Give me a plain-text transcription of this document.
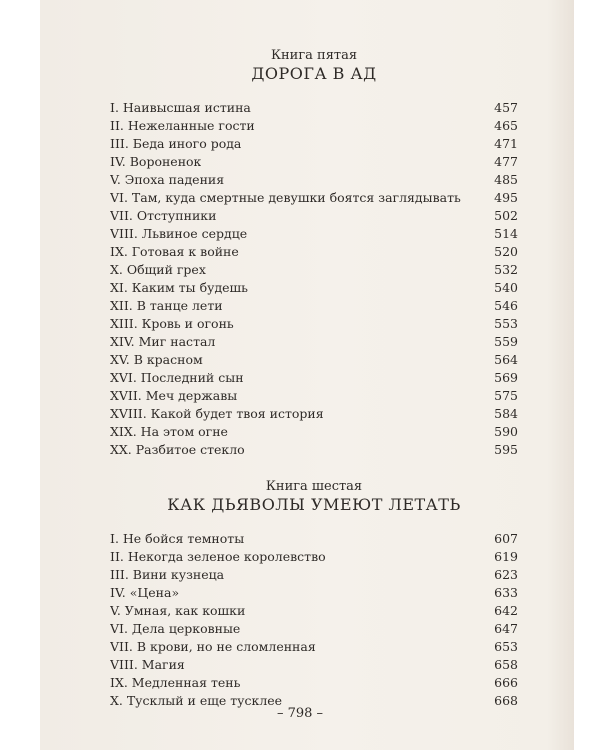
Книга пятая
ДОРОГА В АД
I. Наивысшая истина	457
II. Нежеланные гости	465
III. Беда иного рода	471
IV. Вороненок	477
V. Эпоха падения	485
VI. Там, куда смертные девушки боятся заглядывать	495
VII. Отступники	502
VIII. Львиное сердце	514
IX. Готовая к войне	520
X. Общий грех	532
XI. Каким ты будешь	540
XII. В танце лети	546
XIII. Кровь и огонь	553
XIV. Миг настал	559
XV. В красном	564
XVI. Последний сын	569
XVII. Меч державы	575
XVIII. Какой будет твоя история	584
XIX. На этом огне	590
XX. Разбитое стекло	595
Книга шестая
КАК ДЬЯВОЛЫ УМЕЮТ ЛЕТАТЬ
I. Не бойся темноты	607
II. Некогда зеленое королевство	619
III. Вини кузнеца	623
IV. «Цена»	633
V. Умная, как кошки	642
VI. Дела церковные	647
VII. В крови, но не сломленная	653
VIII. Магия	658
IX. Медленная тень	666
X. Тусклый и еще тусклее	668
– 798 –
